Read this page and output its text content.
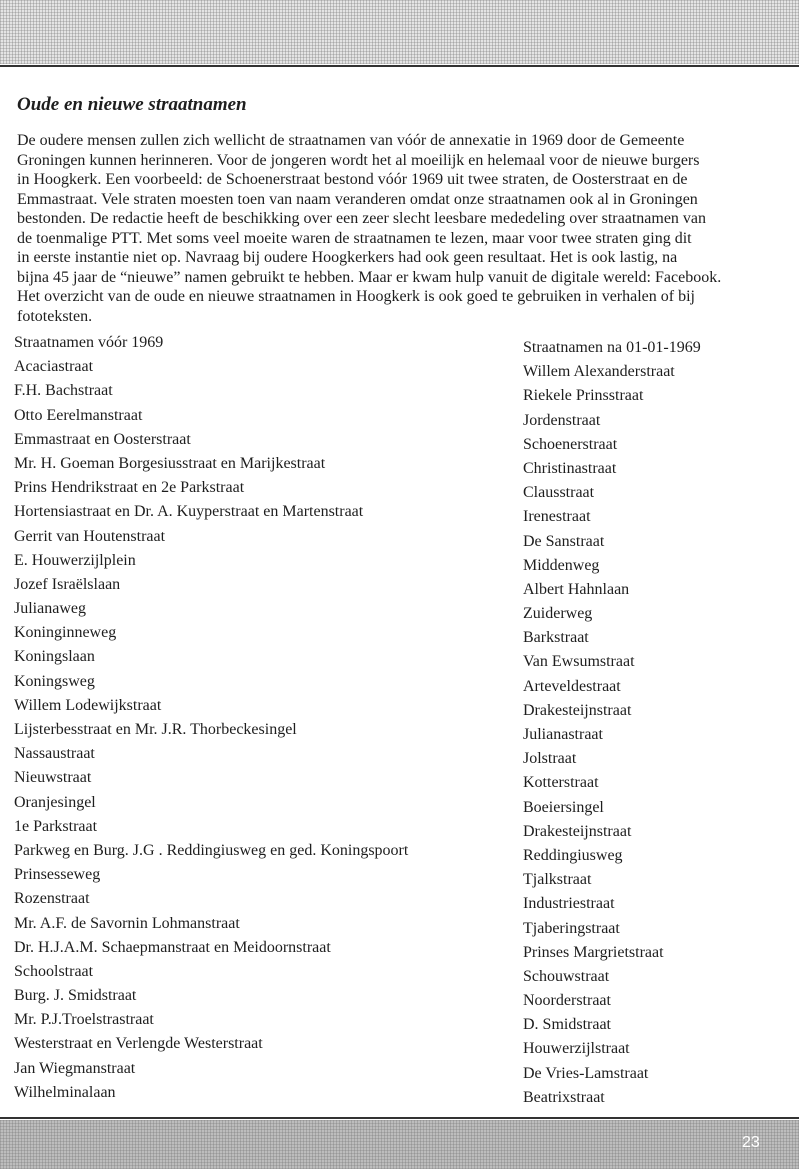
Oude en nieuwe straatnamen
De oudere mensen zullen zich wellicht de straatnamen van vóór de annexatie in 1969 door de Gemeente
Groningen kunnen herinneren. Voor de jongeren wordt het al moeilijk en helemaal voor de nieuwe burgers
in Hoogkerk. Een voorbeeld: de Schoenerstraat bestond vóór 1969 uit twee straten, de Oosterstraat en de
Emmastraat. Vele straten moesten toen van naam veranderen omdat onze straatnamen ook al in Groningen
bestonden. De redactie heeft de beschikking over een zeer slecht leesbare mededeling over straatnamen van
de toenmalige PTT. Met soms veel moeite waren de straatnamen te lezen, maar voor twee straten ging dit
in eerste instantie niet op. Navraag bij oudere Hoogkerkers had ook geen resultaat. Het is ook lastig, na
bijna 45 jaar de “nieuwe” namen gebruikt te hebben. Maar er kwam hulp vanuit de digitale wereld: Facebook.
Het overzicht van de oude en nieuwe straatnamen in Hoogkerk is ook goed te gebruiken in verhalen of bij
fototeksten.
Straatnamen vóór 1969
Acaciastraat
F.H. Bachstraat
Otto Eerelmanstraat
Emmastraat en Oosterstraat
Mr. H. Goeman Borgesiusstraat en Marijkestraat
Prins Hendrikstraat en 2e Parkstraat
Hortensiastraat en Dr. A. Kuyperstraat en Martenstraat
Gerrit van Houtenstraat
E. Houwerzijlplein
Jozef Israëlslaan
Julianaweg
Koninginneweg
Koningslaan
Koningsweg
Willem Lodewijkstraat
Lijsterbesstraat en Mr. J.R. Thorbeckesingel
Nassaustraat
Nieuwstraat
Oranjesingel
1e Parkstraat
Parkweg en Burg. J.G . Reddingiusweg en ged. Koningspoort
Prinsesseweg
Rozenstraat
Mr. A.F. de Savornin Lohmanstraat
Dr. H.J.A.M. Schaepmanstraat en Meidoornstraat
Schoolstraat
Burg. J. Smidstraat
Mr. P.J.Troelstrastraat
Westerstraat en Verlengde Westerstraat
Jan Wiegmanstraat
Wilhelminalaan
Straatnamen na 01-01-1969
Willem Alexanderstraat
Riekele Prinsstraat
Jordenstraat
Schoenerstraat
Christinastraat
Clausstraat
Irenestraat
De Sanstraat
Middenweg
Albert Hahnlaan
Zuiderweg
Barkstraat
Van Ewsumstraat
Arteveldestraat
Drakesteijnstraat
Julianastraat
Jolstraat
Kotterstraat
Boeiersingel
Drakesteijnstraat
Reddingiusweg
Tjalkstraat
Industriestraat
Tjaberingstraat
Prinses Margrietstraat
Schouwstraat
Noorderstraat
D. Smidstraat
Houwerzijlstraat
De Vries-Lamstraat
Beatrixstraat
23
